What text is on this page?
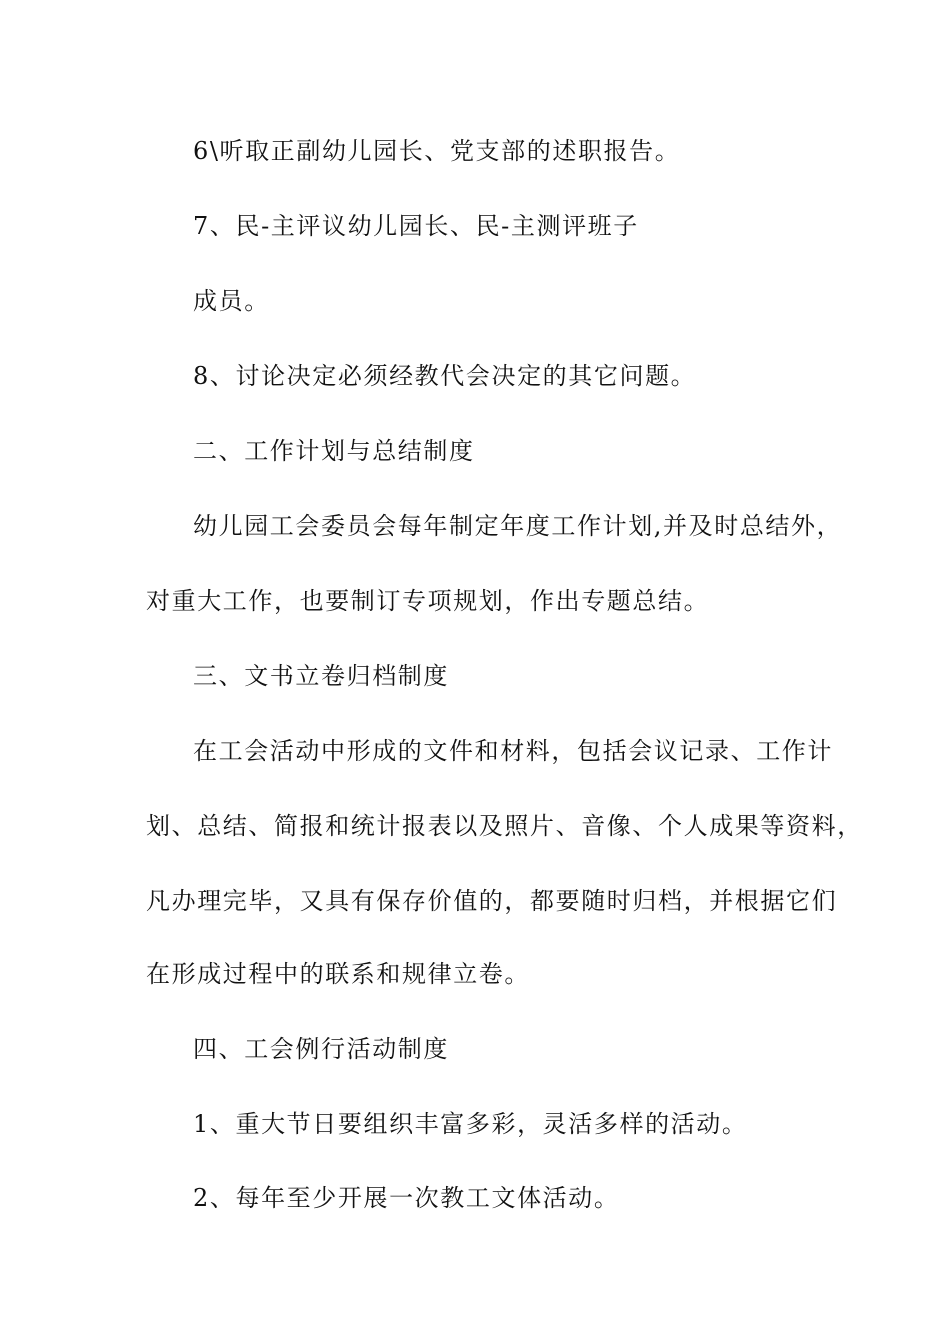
6\听取正副幼儿园长、党支部的述职报告。
7、民-主评议幼儿园长、民-主测评班子
成员。
8、讨论决定必须经教代会决定的其它问题。
二、工作计划与总结制度
幼儿园工会委员会每年制定年度工作计划,并及时总结外，
对重大工作，也要制订专项规划，作出专题总结。
三、文书立卷归档制度
在工会活动中形成的文件和材料，包括会议记录、工作计
划、总结、简报和统计报表以及照片、音像、个人成果等资料，
凡办理完毕，又具有保存价值的，都要随时归档，并根据它们
在形成过程中的联系和规律立卷。
四、工会例行活动制度
1、重大节日要组织丰富多彩，灵活多样的活动。
2、每年至少开展一次教工文体活动。
